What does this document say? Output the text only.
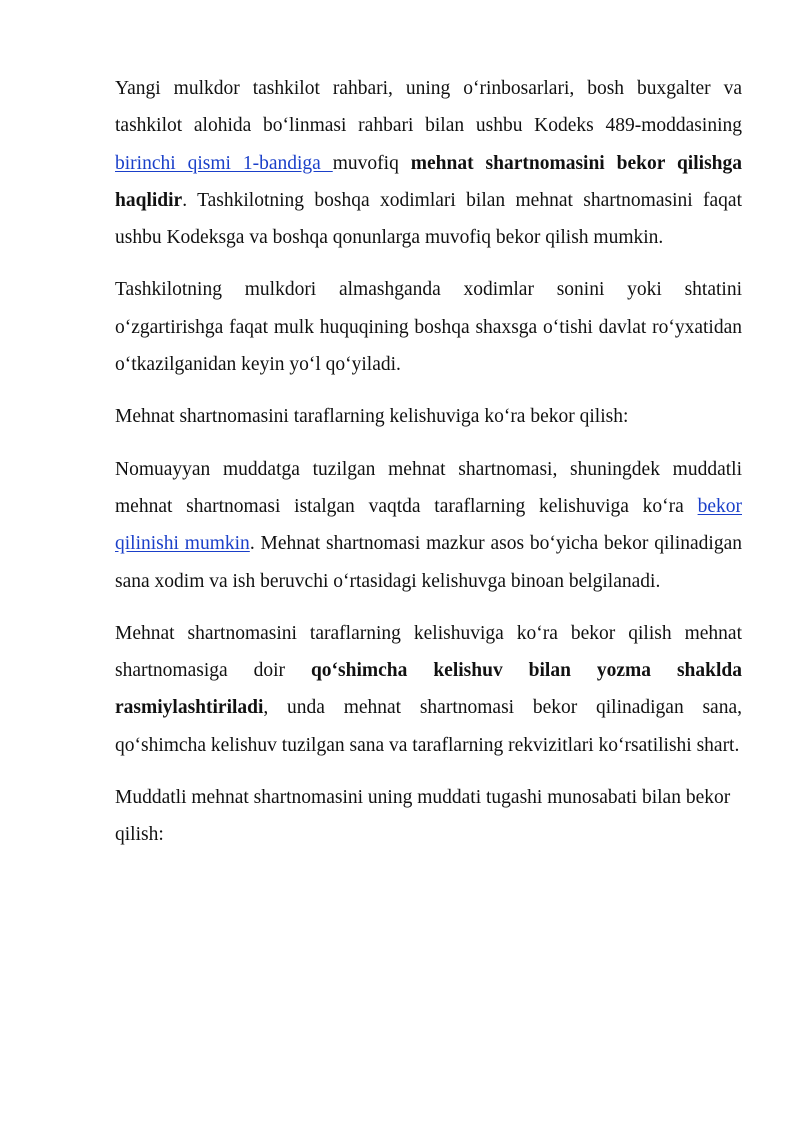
Yangi mulkdor tashkilot rahbari, uning oʻrinbosarlari, bosh buxgalter va tashkilot alohida boʻlinmasi rahbari bilan ushbu Kodeks 489-moddasining birinchi qismi 1-bandiga muvofiq mehnat shartnomasini bekor qilishga haqlidir. Tashkilotning boshqa xodimlari bilan mehnat shartnomasini faqat ushbu Kodeksga va boshqa qonunlarga muvofiq bekor qilish mumkin.

Tashkilotning mulkdori almashganda xodimlar sonini yoki shtatini oʻzgartirishga faqat mulk huquqining boshqa shaxsga oʻtishi davlat roʻyxatidan oʻtkazilganidan keyin yoʻl qoʻyiladi.

Mehnat shartnomasini taraflarning kelishuviga koʻra bekor qilish:

Nomuayyan muddatga tuzilgan mehnat shartnomasi, shuningdek muddatli mehnat shartnomasi istalgan vaqtda taraflarning kelishuviga koʻra bekor qilinishi mumkin. Mehnat shartnomasi mazkur asos boʻyicha bekor qilinadigan sana xodim va ish beruvchi oʻrtasidagi kelishuvga binoan belgilanadi.

Mehnat shartnomasini taraflarning kelishuviga koʻra bekor qilish mehnat shartnomasiga doir qoʻshimcha kelishuv bilan yozma shaklda rasmiylashtiriladi, unda mehnat shartnomasi bekor qilinadigan sana, qoʻshimcha kelishuv tuzilgan sana va taraflarning rekvizitlari koʻrsatilishi shart.

Muddatli mehnat shartnomasini uning muddati tugashi munosabati bilan bekor qilish:
